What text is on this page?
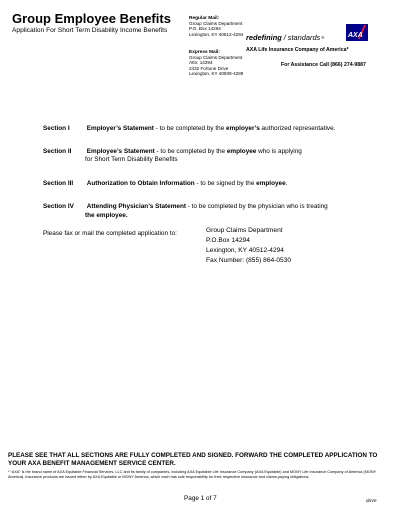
Group Employee Benefits
Application For Short Term Disability Income Benefits
Regular Mail:
Group Claims Department
P.O. Box 14294
Lexington, KY 40512-4294
Express Mail:
Group Claims Department
Attn: 14294
2432 Fortune Drive
Lexington, KY 40509-4289
redefining / standards ®	AXA
AXA Life Insurance Company of America*
For Assistance Call (866) 274-9887
Section I	Employer’s Statement - to be completed by the employer’s authorized representative.
Section II Employee’s Statement - to be completed by the employee who is applying
for Short Term Disability Benefits
Section III Authorization to Obtain Information - to be signed by the employee.
Section IV Attending Physician’s Statement - to be completed by the physician who is treating
the employee.
Please fax or mail the completed application to:	Group Claims Department
P.O.Box 14294
Lexington, KY 40512-4294
Fax Number: (855) 864-0530
PLEASE SEE THAT ALL SECTIONS ARE FULLY COMPLETED AND SIGNED. FORWARD THE COMPLETED APPLICATION TO YOUR AXA BENEFIT MANAGEMENT SERVICE CENTER.
* “AXA” is the brand name of AXA Equitable Financial Services, LLC and its family of companies, including AXA Equitable Life Insurance Company (AXA Equitable) and MONY Life Insurance Company of America (MONY America). Insurance products are issued either by AXA Equitable or MONY America, which each has sole responsibility for their respective insurance and claims-paying obligations.
Page 1 of 7	daVe
